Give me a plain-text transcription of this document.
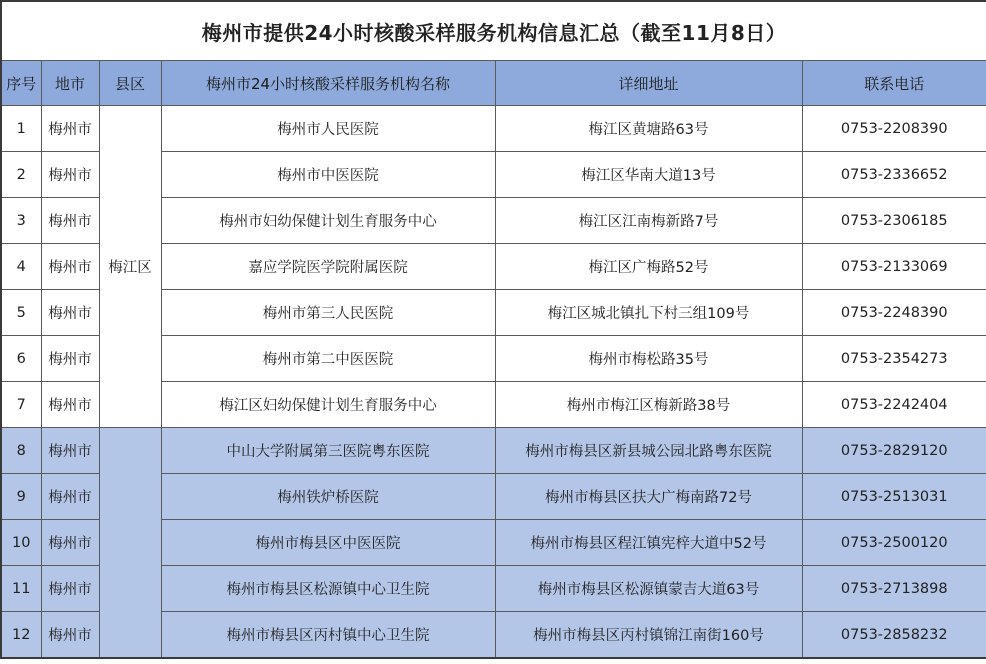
梅州市提供24小时核酸采样服务机构信息汇总（截至11月8日）					
序号	地市	县区	梅州市24小时核酸采样服务机构名称	详细地址	联系电话
1	梅州市	梅江区	梅州市人民医院	梅江区黄塘路63号	0753-2208390
2	梅州市		梅州市中医医院	梅江区华南大道13号	0753-2336652
3	梅州市		梅州市妇幼保健计划生育服务中心	梅江区江南梅新路7号	0753-2306185
4	梅州市		嘉应学院医学院附属医院	梅江区广梅路52号	0753-2133069
5	梅州市		梅州市第三人民医院	梅江区城北镇扎下村三组109号	0753-2248390
6	梅州市		梅州市第二中医医院	梅州市梅松路35号	0753-2354273
7	梅州市		梅江区妇幼保健计划生育服务中心	梅州市梅江区梅新路38号	0753-2242404
8	梅州市		中山大学附属第三医院粤东医院	梅州市梅县区新县城公园北路粤东医院	0753-2829120
9	梅州市		梅州铁炉桥医院	梅州市梅县区扶大广梅南路72号	0753-2513031
10	梅州市		梅州市梅县区中医医院	梅州市梅县区程江镇宪梓大道中52号	0753-2500120
11	梅州市		梅州市梅县区松源镇中心卫生院	梅州市梅县区松源镇蒙吉大道63号	0753-2713898
12	梅州市		梅州市梅县区丙村镇中心卫生院	梅州市梅县区丙村镇锦江南街160号	0753-2858232
